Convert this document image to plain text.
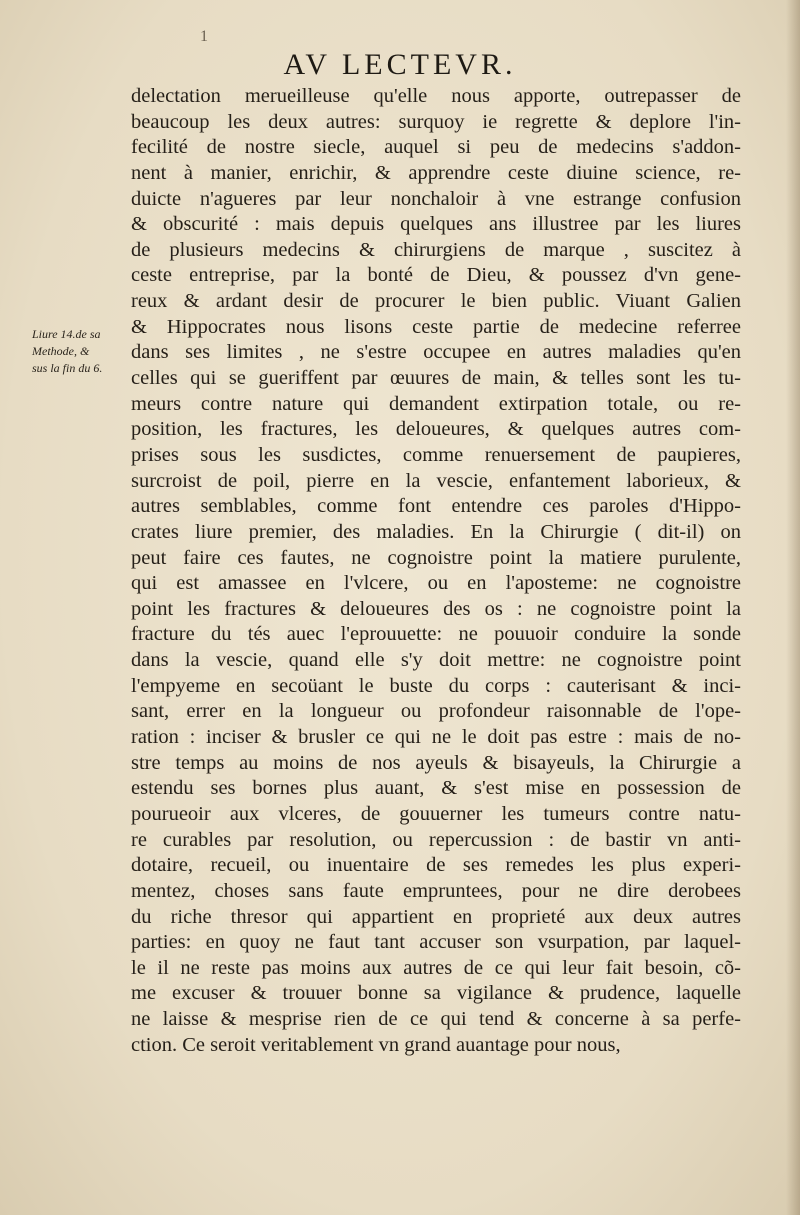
1
AV LECTEVR.
Liure 14.de sa
Methode, &
sus la fin du 6.
delectation merueilleuse qu'elle nous apporte, outrepasser de
beaucoup les deux autres: surquoy ie regrette & deplore l'in-
fecilité de nostre siecle, auquel si peu de medecins s'addon-
nent à manier, enrichir, & apprendre ceste diuine science, re-
duicte n'agueres par leur nonchaloir à vne estrange confusion
& obscurité : mais depuis quelques ans illustree par les liures
de plusieurs medecins & chirurgiens de marque , suscitez à
ceste entreprise, par la bonté de Dieu, & poussez d'vn gene-
reux & ardant desir de procurer le bien public. Viuant Galien
& Hippocrates nous lisons ceste partie de medecine referree
dans ses limites , ne s'estre occupee en autres maladies qu'en
celles qui se gueriffent par œuures de main, & telles sont les tu-
meurs contre nature qui demandent extirpation totale, ou re-
position, les fractures, les deloueures, & quelques autres com-
prises sous les susdictes, comme renuersement de paupieres,
surcroist de poil, pierre en la vescie, enfantement laborieux, &
autres semblables, comme font entendre ces paroles d'Hippo-
crates liure premier, des maladies. En la Chirurgie ( dit-il) on
peut faire ces fautes, ne cognoistre point la matiere purulente,
qui est amassee en l'vlcere, ou en l'apostеme: ne cognoistre
point les fractures & deloueures des os : ne cognoistre point la
fracture du tés auec l'eprouuette: ne pouuoir conduire la sonde
dans la vescie, quand elle s'y doit mettre: ne cognoistre point
l'empyeme en secoüant le buste du corps : cauterisant & inci-
sant, errer en la longueur ou profondeur raisonnable de l'ope-
ration : inciser & brusler ce qui ne le doit pas estre : mais de no-
stre temps au moins de nos ayeuls & bisayeuls, la Chirurgie a
estendu ses bornes plus auant, & s'est mise en possession de
pourueoir aux vlceres, de gouuerner les tumeurs contre natu-
re curables par resolution, ou repercussion : de bastir vn anti-
dotaire, recueil, ou inuentaire de ses remedes les plus experi-
mentez, choses sans faute empruntees, pour ne dire derobees
du riche thresor qui appartient en proprieté aux deux autres
parties: en quoy ne faut tant accuser son vsurpation, par laquel-
le il ne reste pas moins aux autres de ce qui leur fait besoin, cõ-
me excuser & trouuer bonne sa vigilance & prudence, laquelle
ne laisse & mesprise rien de ce qui tend & concerne à sa perfe-
ction. Ce seroit veritablement vn grand auantage pour nous,
